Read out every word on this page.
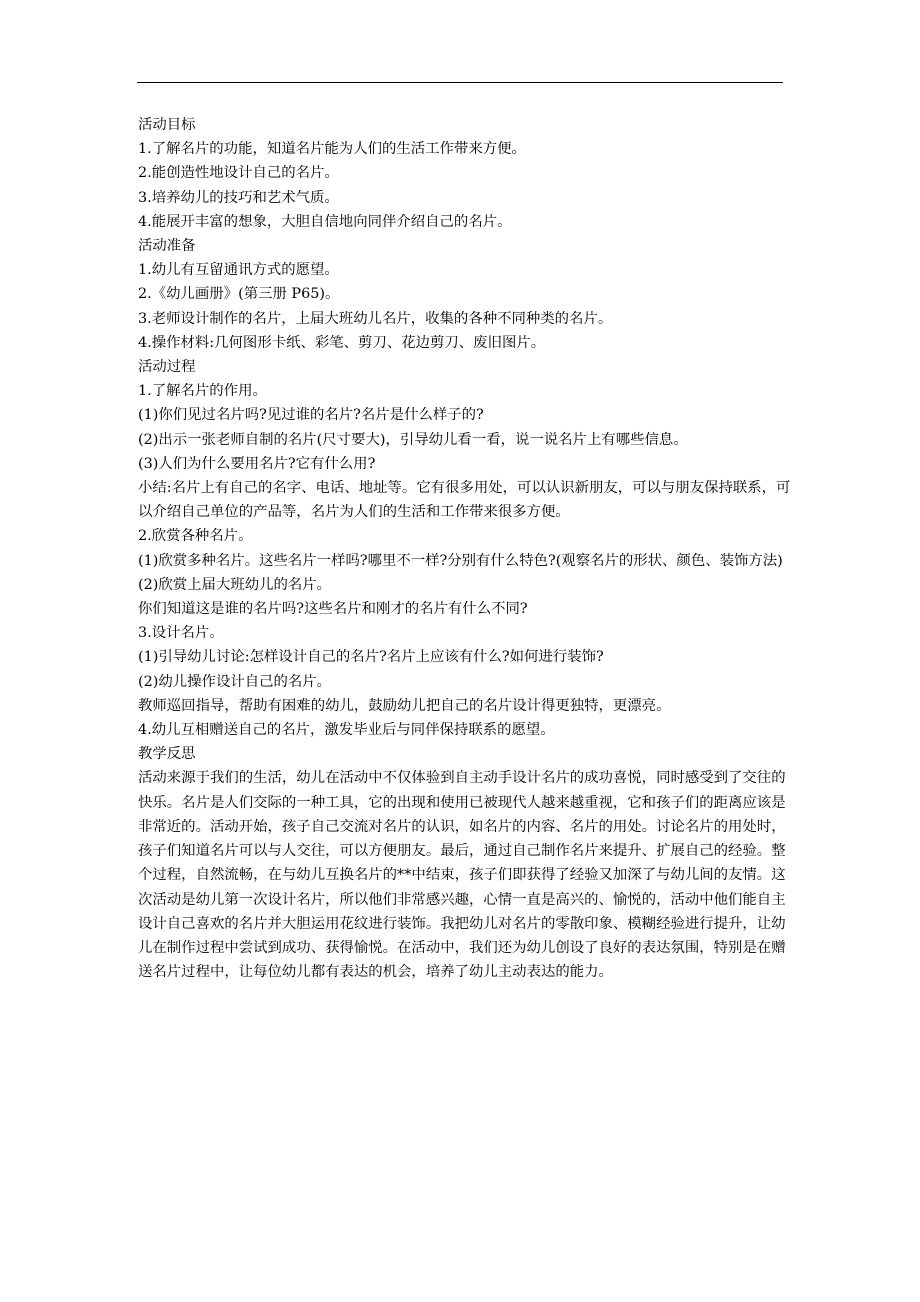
活动目标

1.了解名片的功能，知道名片能为人们的生活工作带来方便。

2.能创造性地设计自己的名片。

3.培养幼儿的技巧和艺术气质。

4.能展开丰富的想象，大胆自信地向同伴介绍自己的名片。

活动准备

1.幼儿有互留通讯方式的愿望。

2.《幼儿画册》(第三册 P65)。

3.老师设计制作的名片，上届大班幼儿名片，收集的各种不同种类的名片。

4.操作材料:几何图形卡纸、彩笔、剪刀、花边剪刀、废旧图片。

活动过程

1.了解名片的作用。

(1)你们见过名片吗?见过谁的名片?名片是什么样子的?

(2)出示一张老师自制的名片(尺寸要大)，引导幼儿看一看，说一说名片上有哪些信息。

(3)人们为什么要用名片?它有什么用?

小结:名片上有自己的名字、电话、地址等。它有很多用处，可以认识新朋友，可以与朋友保持联系，可以介绍自己单位的产品等，名片为人们的生活和工作带来很多方便。

2.欣赏各种名片。

(1)欣赏多种名片。这些名片一样吗?哪里不一样?分别有什么特色?(观察名片的形状、颜色、装饰方法)

(2)欣赏上届大班幼儿的名片。

你们知道这是谁的名片吗?这些名片和刚才的名片有什么不同?

3.设计名片。

(1)引导幼儿讨论:怎样设计自己的名片?名片上应该有什么?如何进行装饰?

(2)幼儿操作设计自己的名片。

教师巡回指导，帮助有困难的幼儿，鼓励幼儿把自己的名片设计得更独特，更漂亮。

4.幼儿互相赠送自己的名片，激发毕业后与同伴保持联系的愿望。

教学反思

活动来源于我们的生活，幼儿在活动中不仅体验到自主动手设计名片的成功喜悦，同时感受到了交往的快乐。名片是人们交际的一种工具，它的出现和使用已被现代人越来越重视，它和孩子们的距离应该是非常近的。活动开始，孩子自己交流对名片的认识，如名片的内容、名片的用处。讨论名片的用处时，孩子们知道名片可以与人交往，可以方便朋友。最后，通过自己制作名片来提升、扩展自己的经验。整个过程，自然流畅，在与幼儿互换名片的**中结束，孩子们即获得了经验又加深了与幼儿间的友情。这次活动是幼儿第一次设计名片，所以他们非常感兴趣，心情一直是高兴的、愉悦的，活动中他们能自主设计自己喜欢的名片并大胆运用花纹进行装饰。我把幼儿对名片的零散印象、模糊经验进行提升，让幼儿在制作过程中尝试到成功、获得愉悦。在活动中，我们还为幼儿创设了良好的表达氛围，特别是在赠送名片过程中，让每位幼儿都有表达的机会，培养了幼儿主动表达的能力。
